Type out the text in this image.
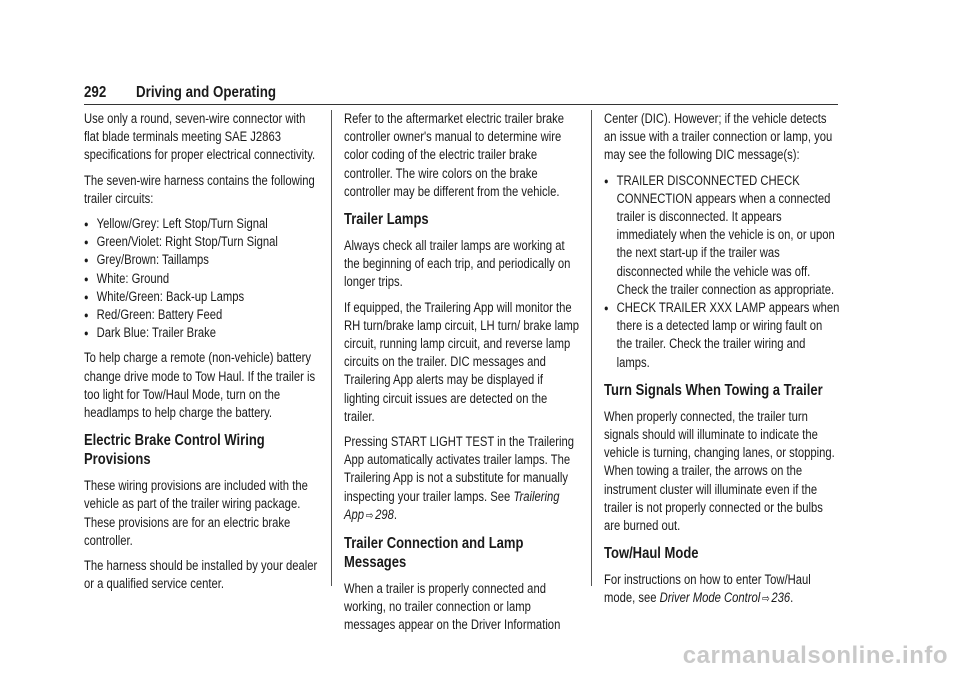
292 Driving and Operating

Use only a round, seven-wire connector with flat blade terminals meeting SAE J2863 specifications for proper electrical connectivity.

The seven-wire harness contains the following trailer circuits:

● Yellow/Grey: Left Stop/Turn Signal
● Green/Violet: Right Stop/Turn Signal
● Grey/Brown: Taillamps
● White: Ground
● White/Green: Back-up Lamps
● Red/Green: Battery Feed
● Dark Blue: Trailer Brake

To help charge a remote (non-vehicle) battery change drive mode to Tow Haul. If the trailer is too light for Tow/Haul Mode, turn on the headlamps to help charge the battery.

Electric Brake Control Wiring Provisions

These wiring provisions are included with the vehicle as part of the trailer wiring package. These provisions are for an electric brake controller.

The harness should be installed by your dealer or a qualified service center.

Refer to the aftermarket electric trailer brake controller owner's manual to determine wire color coding of the electric trailer brake controller. The wire colors on the brake controller may be different from the vehicle.

Trailer Lamps

Always check all trailer lamps are working at the beginning of each trip, and periodically on longer trips.

If equipped, the Trailering App will monitor the RH turn/brake lamp circuit, LH turn/ brake lamp circuit, running lamp circuit, and reverse lamp circuits on the trailer. DIC messages and Trailering App alerts may be displayed if lighting circuit issues are detected on the trailer.

Pressing START LIGHT TEST in the Trailering App automatically activates trailer lamps. The Trailering App is not a substitute for manually inspecting your trailer lamps. See Trailering App ⇨ 298.

Trailer Connection and Lamp Messages

When a trailer is properly connected and working, no trailer connection or lamp messages appear on the Driver Information

Center (DIC). However; if the vehicle detects an issue with a trailer connection or lamp, you may see the following DIC message(s):

● TRAILER DISCONNECTED CHECK CONNECTION appears when a connected trailer is disconnected. It appears immediately when the vehicle is on, or upon the next start-up if the trailer was disconnected while the vehicle was off. Check the trailer connection as appropriate.
● CHECK TRAILER XXX LAMP appears when there is a detected lamp or wiring fault on the trailer. Check the trailer wiring and lamps.
Turn Signals When Towing a Trailer

When properly connected, the trailer turn signals should will illuminate to indicate the vehicle is turning, changing lanes, or stopping. When towing a trailer, the arrows on the instrument cluster will illuminate even if the trailer is not properly connected or the bulbs are burned out.

Tow/Haul Mode

For instructions on how to enter Tow/Haul mode, see Driver Mode Control ⇨ 236.

carmanualsonline.info
